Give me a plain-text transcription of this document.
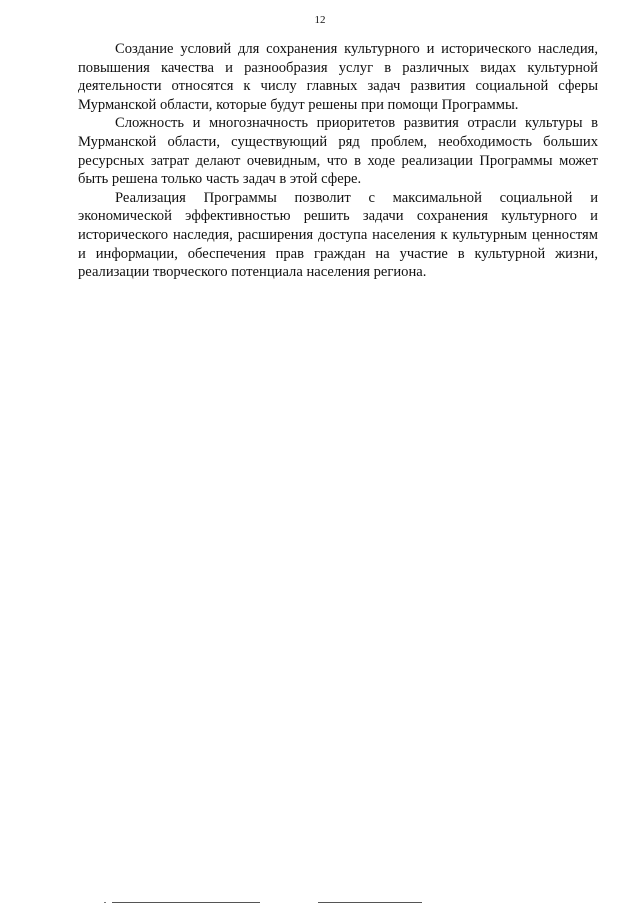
12

Создание условий для сохранения культурного и исторического наследия, повышения качества и разнообразия услуг в различных видах культурной деятельности относятся к числу главных задач развития социальной сферы Мурманской области, которые будут решены при помощи Программы.

Сложность и многозначность приоритетов развития отрасли культуры в Мурманской области, существующий ряд проблем, необходимость больших ресурсных затрат делают очевидным, что в ходе реализации Программы может быть решена только часть задач в этой сфере.

Реализация Программы позволит с максимальной социальной и экономической эффективностью решить задачи сохранения культурного и исторического наследия, расширения доступа населения к культурным ценностям и информации, обеспечения прав граждан на участие в культурной жизни, реализации творческого потенциала населения региона.
